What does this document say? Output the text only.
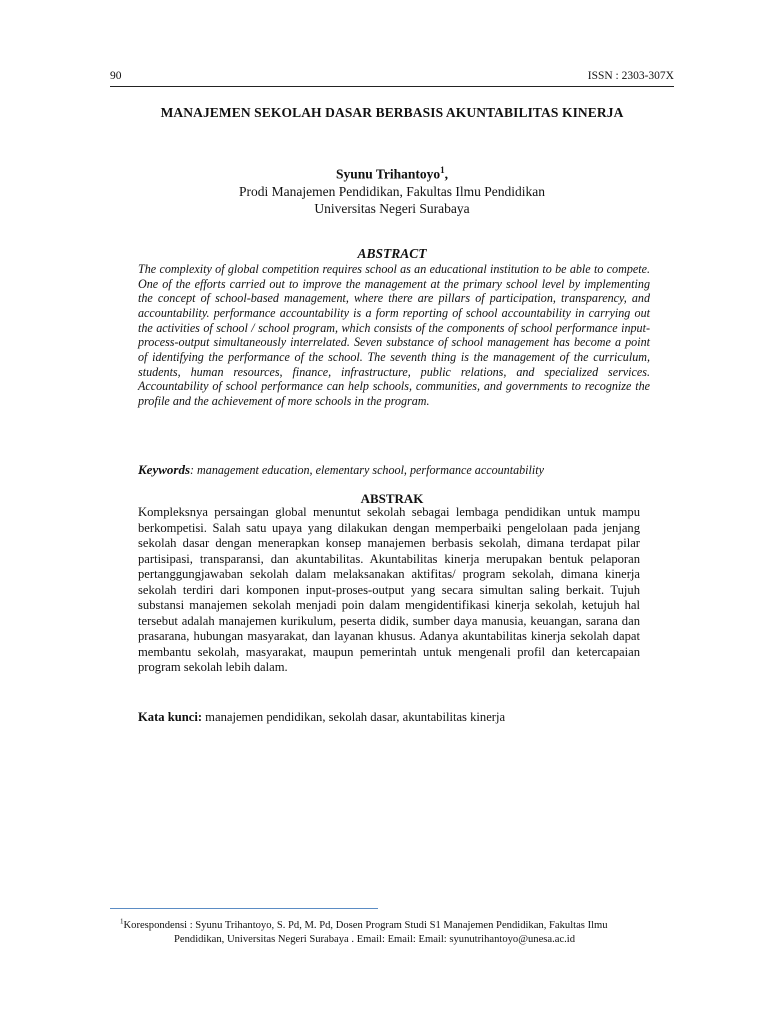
90	ISSN : 2303-307X
MANAJEMEN SEKOLAH DASAR BERBASIS AKUNTABILITAS KINERJA
Syunu Trihantoyo$^1$,
Prodi Manajemen Pendidikan, Fakultas Ilmu Pendidikan
Universitas Negeri Surabaya
ABSTRACT

The complexity of global competition requires school as an educational institution to be able to compete. One of the efforts carried out to improve the management at the primary school level by implementing the concept of school-based management, where there are pillars of participation, transparency, and accountability. performance accountability is a form reporting of school accountability in carrying out the activities of school / school program, which consists of the components of school performance input-process-output simultaneously interrelated. Seven substance of school management has become a point of identifying the performance of the school. The seventh thing is the management of the curriculum, students, human resources, finance, infrastructure, public relations, and specialized services. Accountability of school performance can help schools, communities, and governments to recognize the profile and the achievement of more schools in the program.

Keywords: management education, elementary school, performance accountability
ABSTRAK

Kompleksnya persaingan global menuntut sekolah sebagai lembaga pendidikan untuk mampu berkompetisi. Salah satu upaya yang dilakukan dengan memperbaiki pengelolaan pada jenjang sekolah dasar dengan menerapkan konsep manajemen berbasis sekolah, dimana terdapat pilar partisipasi, transparansi, dan akuntabilitas. Akuntabilitas kinerja merupakan bentuk pelaporan pertanggungjawaban sekolah dalam melaksanakan aktifitas/ program sekolah, dimana kinerja sekolah terdiri dari komponen input-proses-output yang secara simultan saling berkait. Tujuh substansi manajemen sekolah menjadi poin dalam mengidentifikasi kinerja sekolah, ketujuh hal tersebut adalah manajemen kurikulum, peserta didik, sumber daya manusia, keuangan, sarana dan prasarana, hubungan masyarakat, dan layanan khusus. Adanya akuntabilitas kinerja sekolah dapat membantu sekolah, masyarakat, maupun pemerintah untuk mengenali profil dan ketercapaian program sekolah lebih dalam.

Kata kunci: manajemen pendidikan, sekolah dasar, akuntabilitas kinerja
$^1$Korespondensi : Syunu Trihantoyo, S. Pd, M. Pd, Dosen Program Studi S1 Manajemen Pendidikan, Fakultas Ilmu
Pendidikan, Universitas Negeri Surabaya . Email: Email: Email: syunutrihantoyo@unesa.ac.id
